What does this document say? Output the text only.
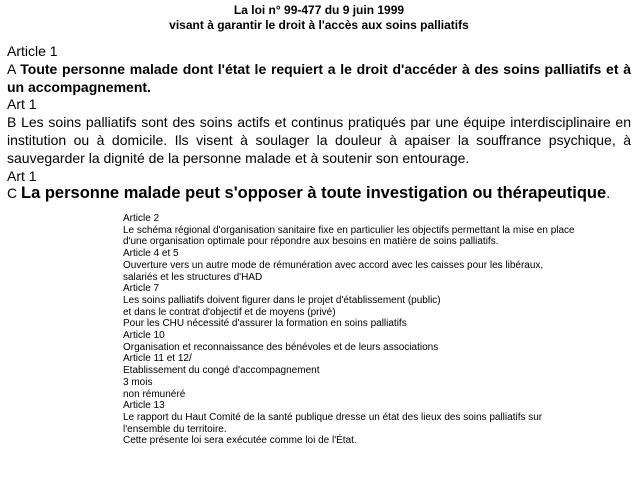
La loi n° 99-477 du 9 juin 1999
visant à garantir le droit à l'accès aux soins palliatifs

Article 1

A Toute personne malade dont l'état le requiert a le droit d'accéder à des soins palliatifs et à un accompagnement.

Art 1

B Les soins palliatifs sont des soins actifs et continus pratiqués par une équipe interdisciplinaire en institution ou à domicile. Ils visent à soulager la douleur à apaiser la souffrance psychique, à sauvegarder la dignité de la personne malade et à soutenir son entourage.

Art 1

C La personne malade peut s'opposer à toute investigation ou thérapeutique.

Article 2

Le schéma régional d'organisation sanitaire fixe en particulier les objectifs permettant la mise en place

d'une organisation optimale pour répondre aux besoins en matière de soins palliatifs.

Article 4 et 5

Ouverture vers un autre mode de rémunération avec accord avec les caisses pour les libéraux,

salariés et les structures d'HAD

Article 7

Les soins palliatifs doivent figurer dans le projet d'établissement (public)

et dans le contrat d'objectif et de moyens (privé)

Pour les CHU nécessité d'assurer la formation en soins palliatifs

Article 10

Organisation et reconnaissance des bénévoles et de leurs associations

Article 11 et 12/

Etablissement du congé d'accompagnement

3 mois

non rémunéré

Article 13

Le rapport du Haut Comité de la santé publique dresse un état des lieux des soins palliatifs sur

l'ensemble du territoire.

Cette présente loi sera exécutée comme loi de l'État.
